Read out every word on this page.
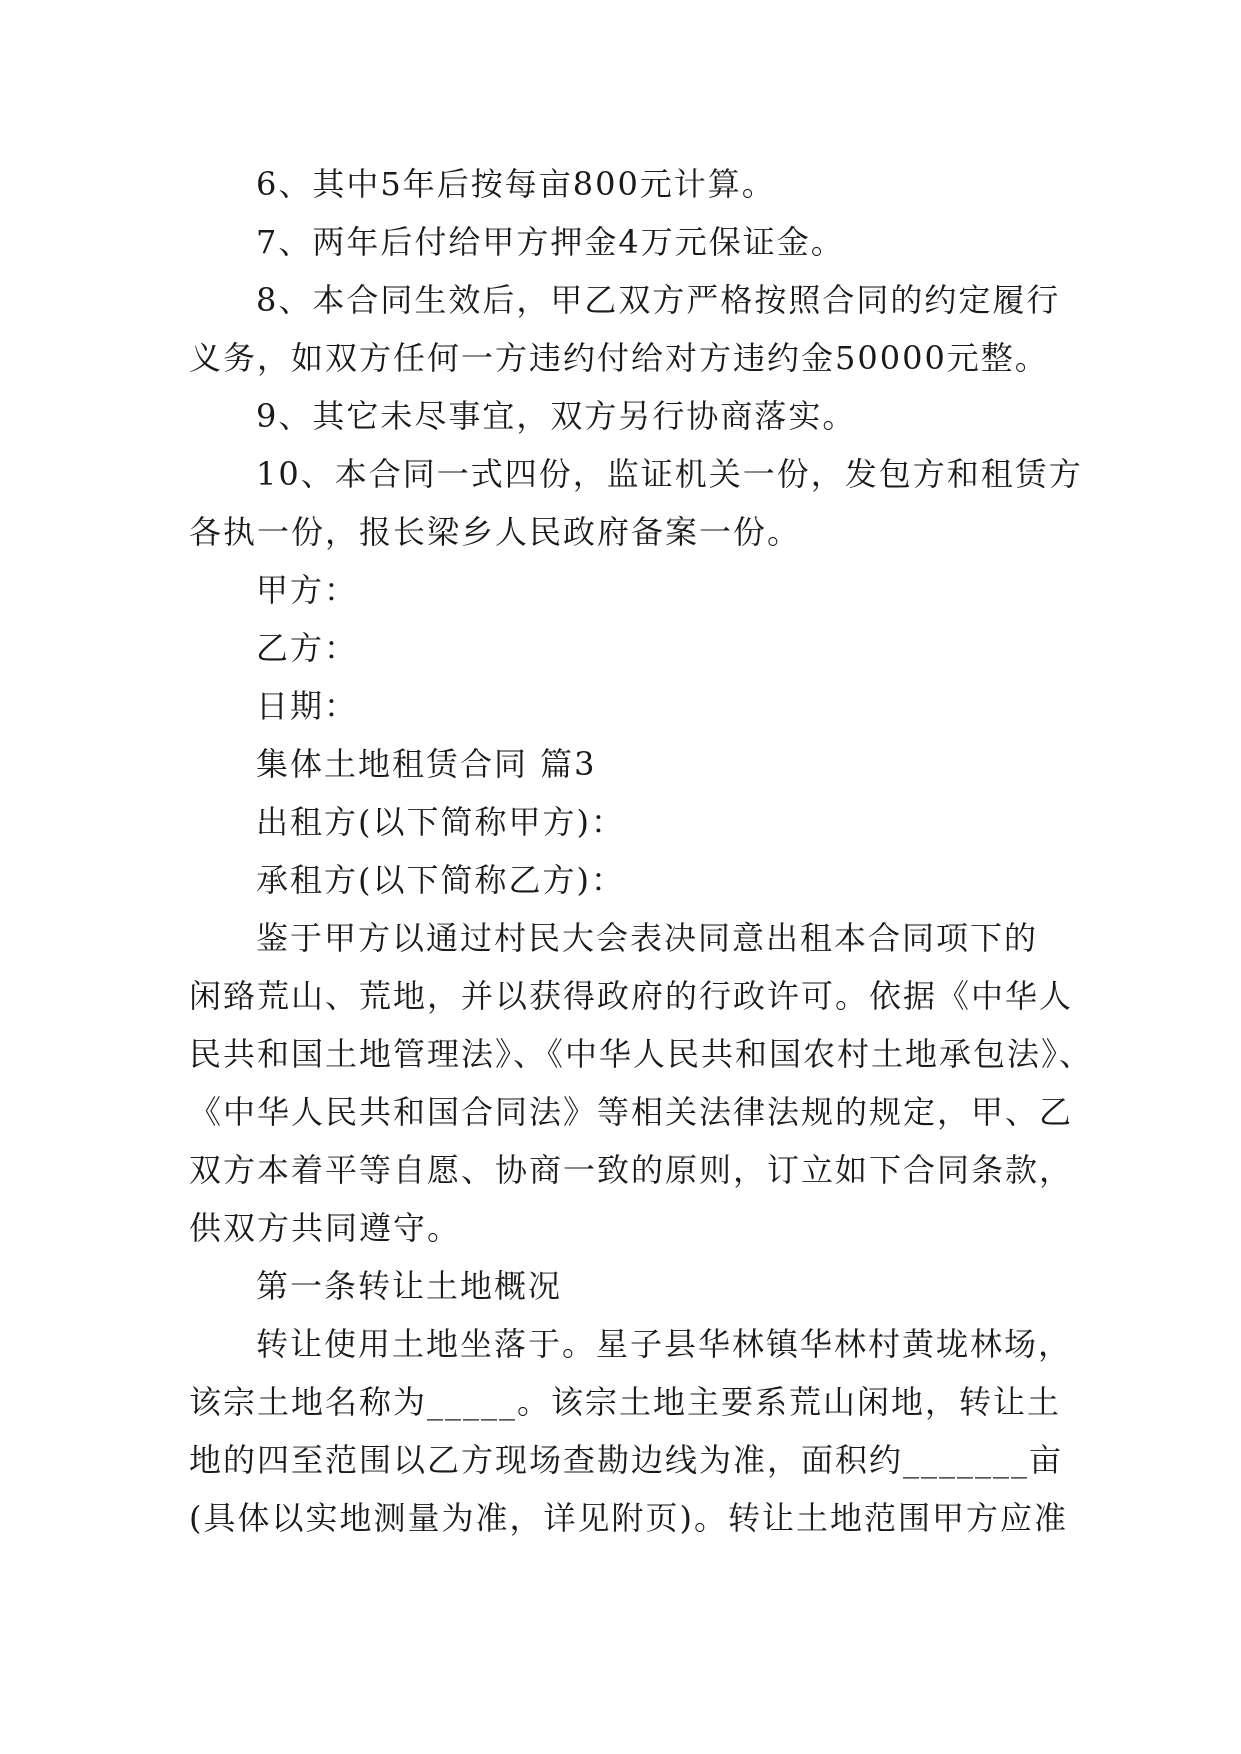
6、其中5年后按每亩800元计算。
7、两年后付给甲方押金4万元保证金。
8、本合同生效后，甲乙双方严格按照合同的约定履行
义务，如双方任何一方违约付给对方违约金50000元整。
9、其它未尽事宜，双方另行协商落实。
10、本合同一式四份，监证机关一份，发包方和租赁方
各执一份，报长梁乡人民政府备案一份。
甲方：
乙方：
日期：
集体土地租赁合同 篇3
出租方(以下简称甲方)：
承租方(以下简称乙方)：
鉴于甲方以通过村民大会表决同意出租本合同项下的
闲臵荒山、荒地，并以获得政府的行政许可。依据《中华人
民共和国土地管理法》、《中华人民共和国农村土地承包法》、
《中华人民共和国合同法》等相关法律法规的规定，甲、乙
双方本着平等自愿、协商一致的原则，订立如下合同条款，
供双方共同遵守。
第一条转让土地概况
转让使用土地坐落于。星子县华林镇华林村黄垅林场，
该宗土地名称为_____。该宗土地主要系荒山闲地，转让土
地的四至范围以乙方现场查勘边线为准，面积约_______亩
(具体以实地测量为准，详见附页)。转让土地范围甲方应准
